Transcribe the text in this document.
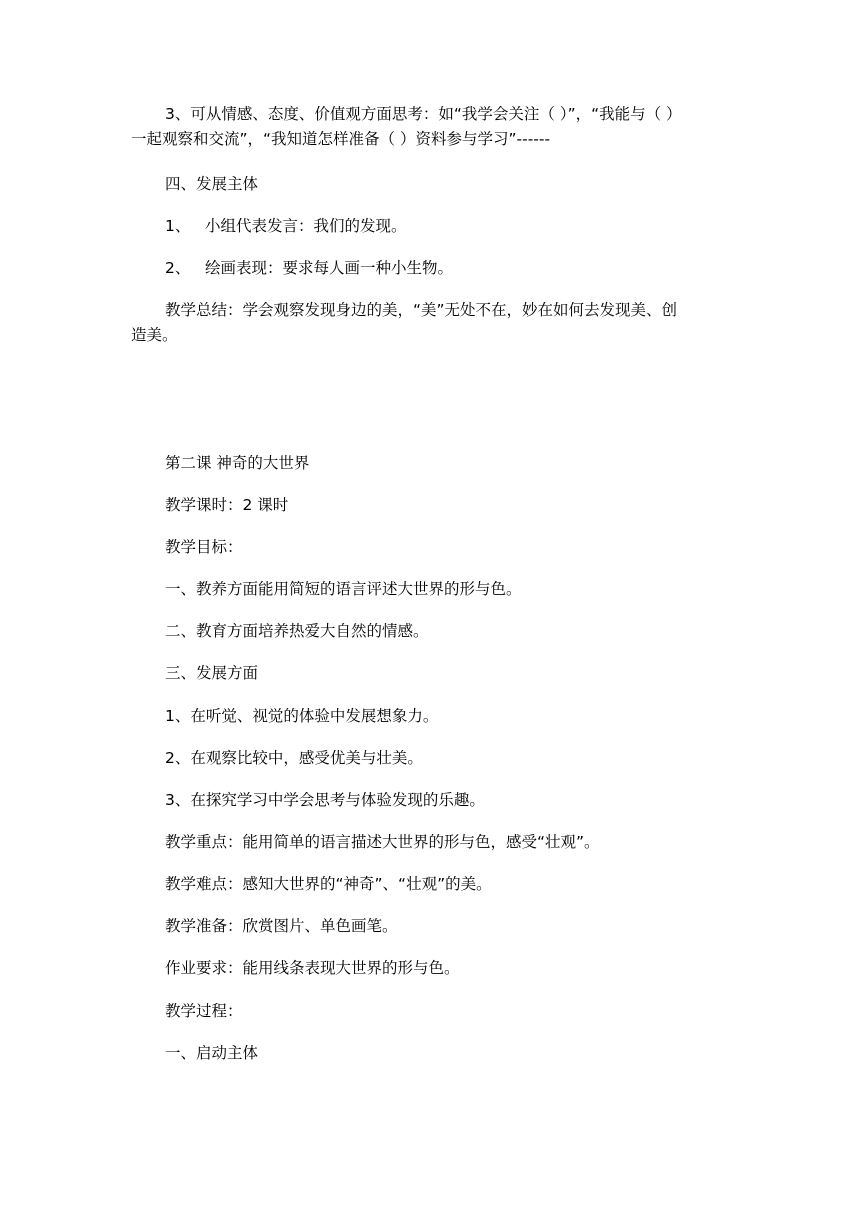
3、可从情感、态度、价值观方面思考：如“我学会关注（ ）”，“我能与（ ）
一起观察和交流”，“我知道怎样准备（ ）资料参与学习”------
四、发展主体
1、 小组代表发言：我们的发现。
2、 绘画表现：要求每人画一种小生物。
教学总结：学会观察发现身边的美，“美”无处不在，妙在如何去发现美、创
造美。
第二课 神奇的大世界
教学课时：2 课时
教学目标：
一、教养方面能用简短的语言评述大世界的形与色。
二、教育方面培养热爱大自然的情感。
三、发展方面
1、在听觉、视觉的体验中发展想象力。
2、在观察比较中，感受优美与壮美。
3、在探究学习中学会思考与体验发现的乐趣。
教学重点：能用简单的语言描述大世界的形与色，感受“壮观”。
教学难点：感知大世界的“神奇”、“壮观”的美。
教学准备：欣赏图片、单色画笔。
作业要求：能用线条表现大世界的形与色。
教学过程：
一、启动主体
